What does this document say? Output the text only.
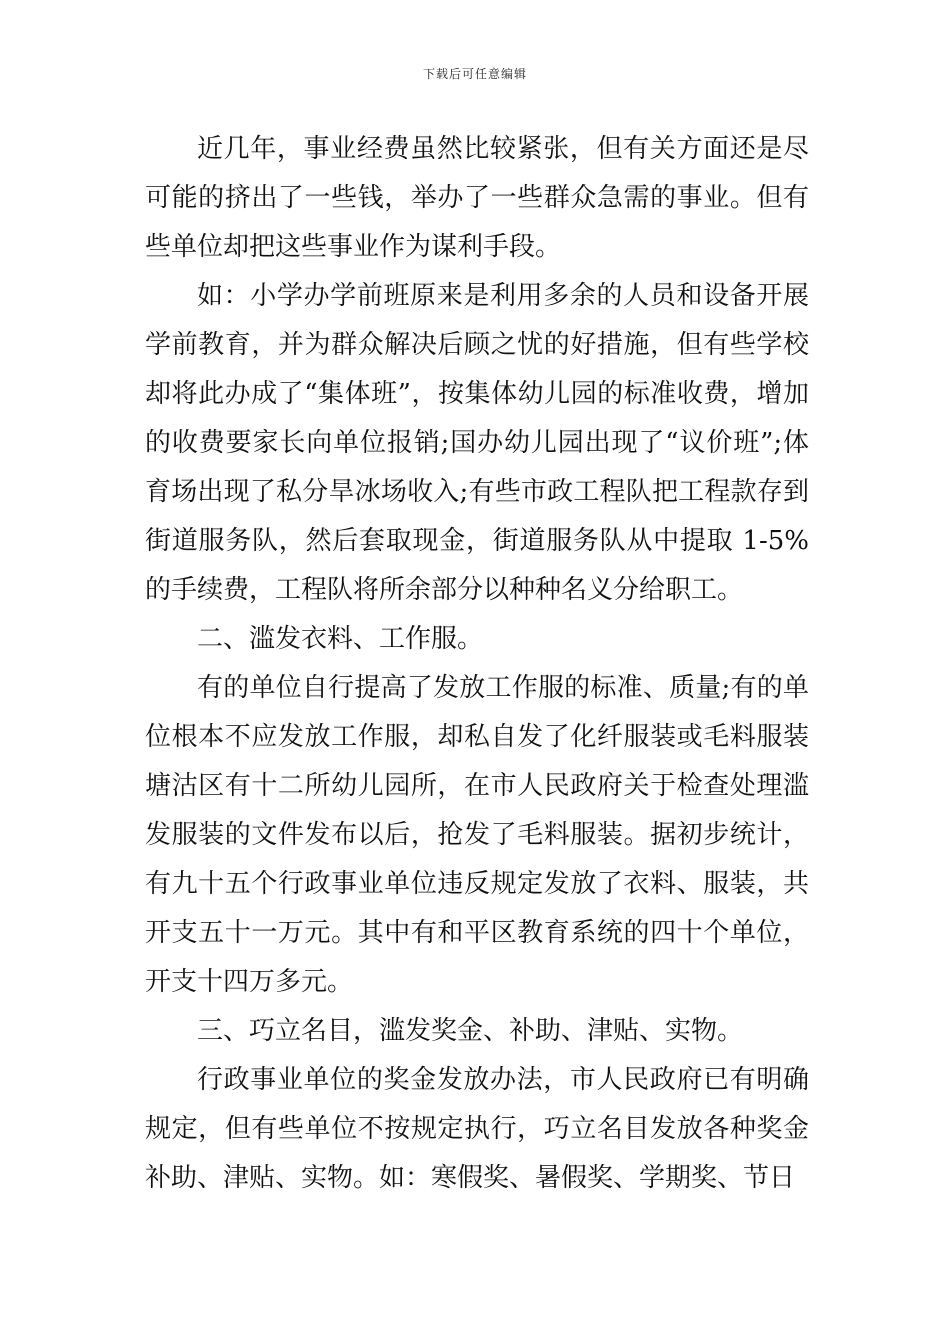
下载后可任意编辑

近几年，事业经费虽然比较紧张，但有关方面还是尽可能的挤出了一些钱，举办了一些群众急需的事业。但有些单位却把这些事业作为谋利手段。

如：小学办学前班原来是利用多余的人员和设备开展学前教育，并为群众解决后顾之忧的好措施，但有些学校却将此办成了“集体班”，按集体幼儿园的标准收费，增加的收费要家长向单位报销;国办幼儿园出现了“议价班”;体育场出现了私分旱冰场收入;有些市政工程队把工程款存到街道服务队，然后套取现金，街道服务队从中提取 1-5%的手续费，工程队将所余部分以种种名义分给职工。

二、滥发衣料、工作服。

有的单位自行提高了发放工作服的标准、质量;有的单位根本不应发放工作服，却私自发了化纤服装或毛料服装塘沽区有十二所幼儿园所，在市人民政府关于检查处理滥发服装的文件发布以后，抢发了毛料服装。据初步统计，有九十五个行政事业单位违反规定发放了衣料、服装，共开支五十一万元。其中有和平区教育系统的四十个单位，开支十四万多元。

三、巧立名目，滥发奖金、补助、津贴、实物。

行政事业单位的奖金发放办法，市人民政府已有明确规定，但有些单位不按规定执行，巧立名目发放各种奖金补助、津贴、实物。如：寒假奖、暑假奖、学期奖、节日
